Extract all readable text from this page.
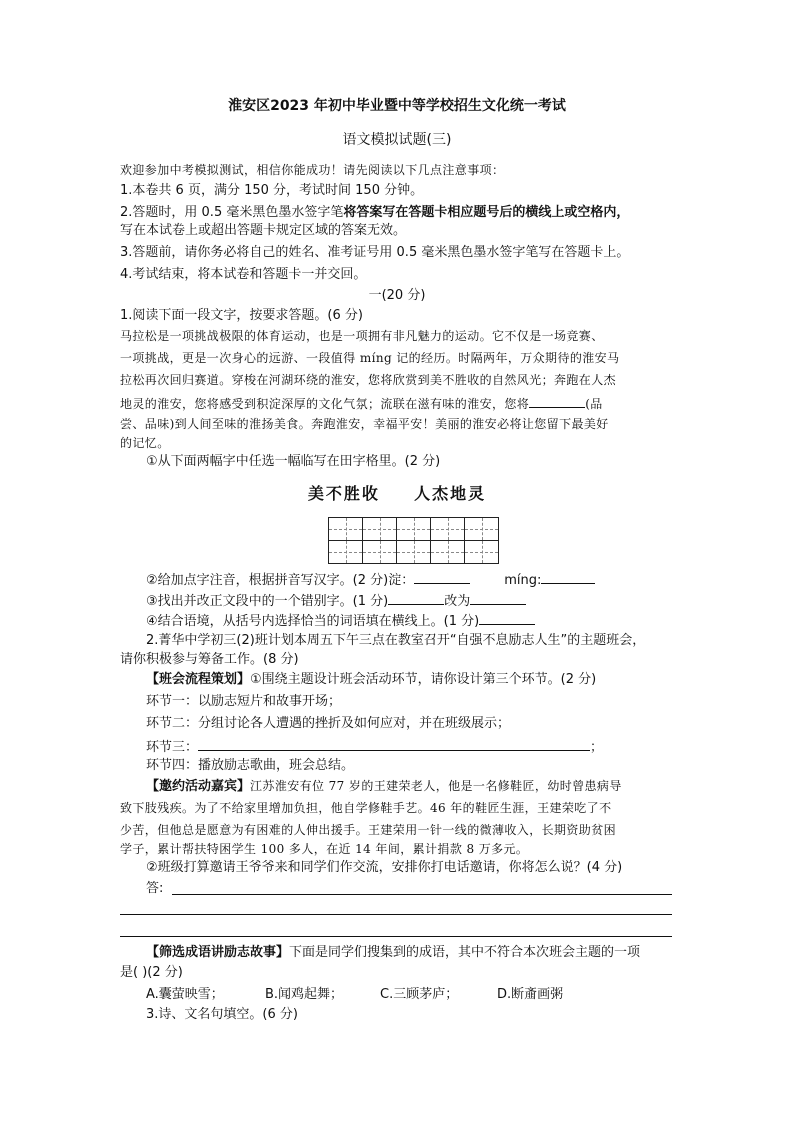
淮安区2023 年初中毕业暨中等学校招生文化统一考试
语文模拟试题(三)
欢迎参加中考模拟测试，相信你能成功！请先阅读以下几点注意事项：
1.本卷共 6 页，满分 150 分，考试时间 150 分钟。
2.答题时，用 0.5 毫米黑色墨水签字笔将答案写在答题卡相应题号后的横线上或空格内，
写在本试卷上或超出答题卡规定区域的答案无效。
3.答题前，请你务必将自己的姓名、准考证号用 0.5 毫米黑色墨水签字笔写在答题卡上。
4.考试结束，将本试卷和答题卡一并交回。
一(20 分)
1.阅读下面一段文字，按要求答题。(6 分)
马拉松是一项挑战极限的体育运动，也是一项拥有非凡魅力的运动。它不仅是一场竞赛、
一项挑战，更是一次身心的远游、一段值得 míng 记的经历。时隔两年，万众期待的淮安马
拉松再次回归赛道。穿梭在河湖环绕的淮安，您将欣赏到美不胜收的自然风光；奔跑在人杰
地灵的淮安，您将感受到积淀深厚的文化气氛；流联在滋有味的淮安，您将	(品
尝、品味)到人间至味的淮扬美食。奔跑淮安，幸福平安！美丽的淮安必将让您留下最美好
的记忆。
①从下面两幅字中任选一幅临写在田字格里。(2 分)
美不胜收 人杰地灵

②给加点字注音，根据拼音写汉字。(2 分)淀：	míng:
③找出并改正文段中的一个错别字。(1 分)	改为
④结合语境，从括号内选择恰当的词语填在横线上。(1 分)
2.菁华中学初三(2)班计划本周五下午三点在教室召开“自强不息励志人生”的主题班会，
请你积极参与筹备工作。(8 分)
【班会流程策划】①围绕主题设计班会活动环节，请你设计第三个环节。(2 分)
环节一：以励志短片和故事开场；
环节二：分组讨论各人遭遇的挫折及如何应对，并在班级展示；
环节三：	；
环节四：播放励志歌曲，班会总结。
【邀约活动嘉宾】江苏淮安有位 77 岁的王建荣老人，他是一名修鞋匠，幼时曾患病导
致下肢残疾。为了不给家里增加负担，他自学修鞋手艺。46 年的鞋匠生涯，王建荣吃了不
少苦，但他总是愿意为有困难的人伸出援手。王建荣用一针一线的微薄收入，长期资助贫困
学子，累计帮扶特困学生 100 多人，在近 14 年间，累计捐款 8 万多元。
②班级打算邀请王爷爷来和同学们作交流，安排你打电话邀请，你将怎么说？(4 分)
答:
【筛选成语讲励志故事】下面是同学们搜集到的成语，其中不符合本次班会主题的一项
是( )(2 分)
A.囊萤映雪；	B.闻鸡起舞；	C.三顾茅庐；	D.断齑画粥
3.诗、文名句填空。(6 分)
